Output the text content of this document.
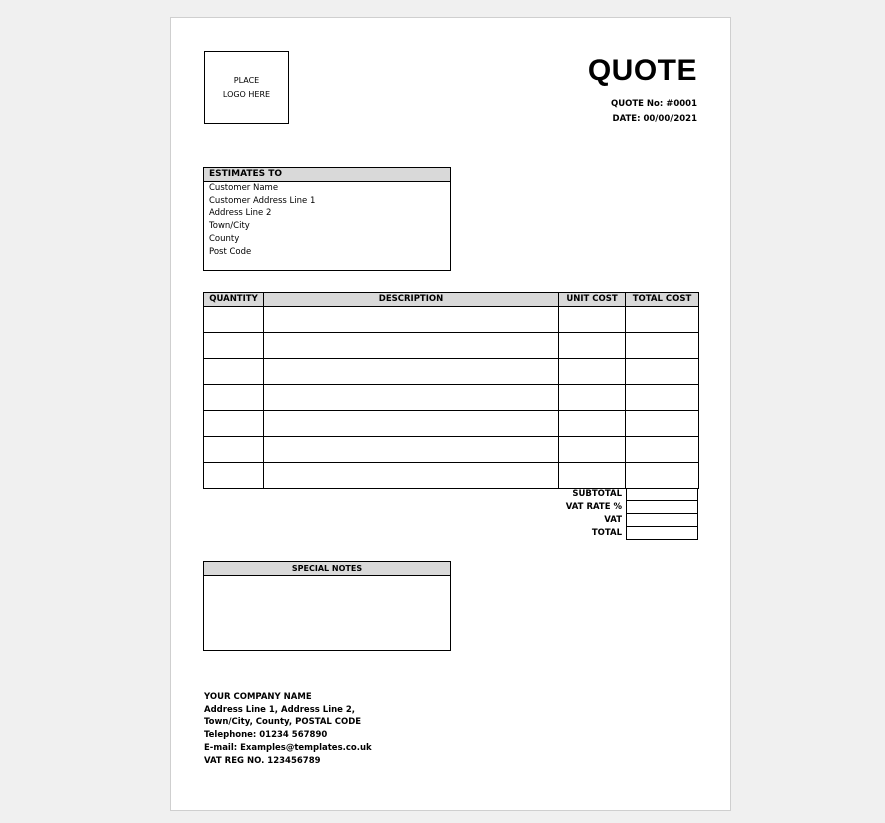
PLACE
LOGO HERE
QUOTE
QUOTE No: #0001
DATE: 00/00/2021
ESTIMATES TO
Customer Name
Customer Address Line 1
Address Line 2
Town/City
County
Post Code
QUANTITY	DESCRIPTION	UNIT COST	TOTAL COST

SUBTOTAL
VAT RATE %
VAT
TOTAL
SPECIAL NOTES
YOUR COMPANY NAME
Address Line 1, Address Line 2,
Town/City, County, POSTAL CODE
Telephone: 01234 567890
E-mail: Examples@templates.co.uk
VAT REG NO. 123456789
